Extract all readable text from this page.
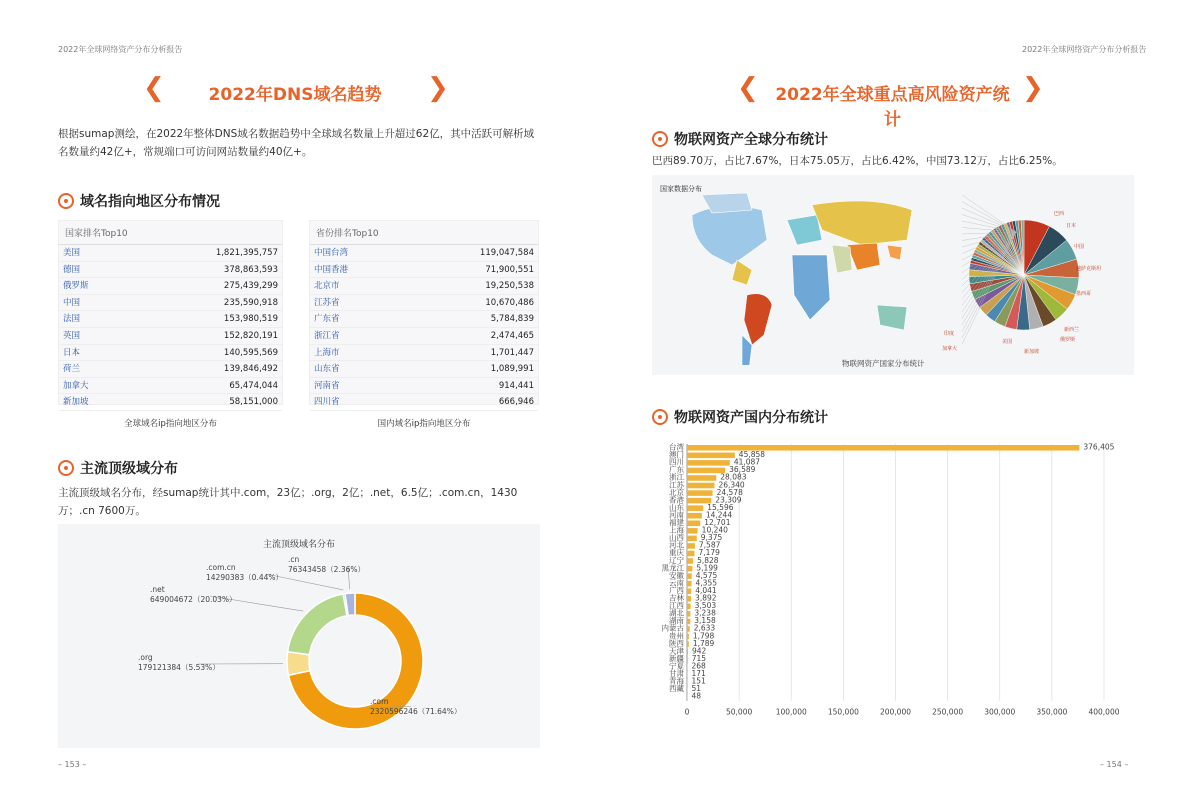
2022年全球网络资产分布分析报告
❮	2022年DNS域名趋势	❯
根据sumap测绘，在2022年整体DNS域名数据趋势中全球域名数量上升超过62亿，其中活跃可解析域名数量约42亿+，常规端口可访问网站数量约40亿+。
域名指向地区分布情况
国家排名Top10
美国	1,821,395,757
德国	378,863,593
俄罗斯	275,439,299
中国	235,590,918
法国	153,980,519
英国	152,820,191
日本	140,595,569
荷兰	139,846,492
加拿大	65,474,044
新加坡	58,151,000
全球域名ip指向地区分布
省份排名Top10
中国台湾	119,047,584
中国香港	71,900,551
北京市	19,250,538
江苏省	10,670,486
广东省	5,784,839
浙江省	2,474,465
上海市	1,701,447
山东省	1,089,991
河南省	914,441
四川省	666,946
国内域名ip指向地区分布
主流顶级域分布
主流顶级域名分布，经sumap统计其中.com，23亿；.org，2亿；.net，6.5亿；.com.cn，1430万；.cn 7600万。
主流顶级域名分布
.com
2320596246（71.64%）
.org
179121384（5.53%）
.net
649004672（20.03%）
.com.cn
14290383（0.44%）
.cn
76343458（2.36%）
– 153 –
2022年全球网络资产分布分析报告
❮ 2022年全球重点高风险资产统计
❯
物联网资产全球分布统计
巴西89.70万，占比7.67%，日本75.05万，占比6.42%，中国73.12万，占比6.25%。
国家数据分布
巴西
日本
中国
越萨克斯坦
墨西哥
新西兰
俄罗斯
新加坡
美国
印度
加拿大
物联网资产国家分布统计
物联网资产国内分布统计
0	50,000	100,000	150,000	200,000	250,000	300,000	350,000	400,000
台湾	376,405
澳门	45,858
四川	41,087
广东	36,589
浙江	28,083
江苏	26,340
北京	24,578
香港	23,309
山东	15,596
河南	14,244
福建	12,701
上海 10,240
山西 9,375
河北 7,587
重庆 7,179
辽宁 5,828
黑龙江 5,199
安徽 4,575
云南 4,355
广西 4,041
吉林 3,892
江西 3,503
湖北 3,238
湖南 3,158
内蒙古 2,633
贵州 1,798
陕西 1,789
天津 942
新疆 715
宁夏 268
甘肃 171
青海 151
西藏 51
48
– 154 –
